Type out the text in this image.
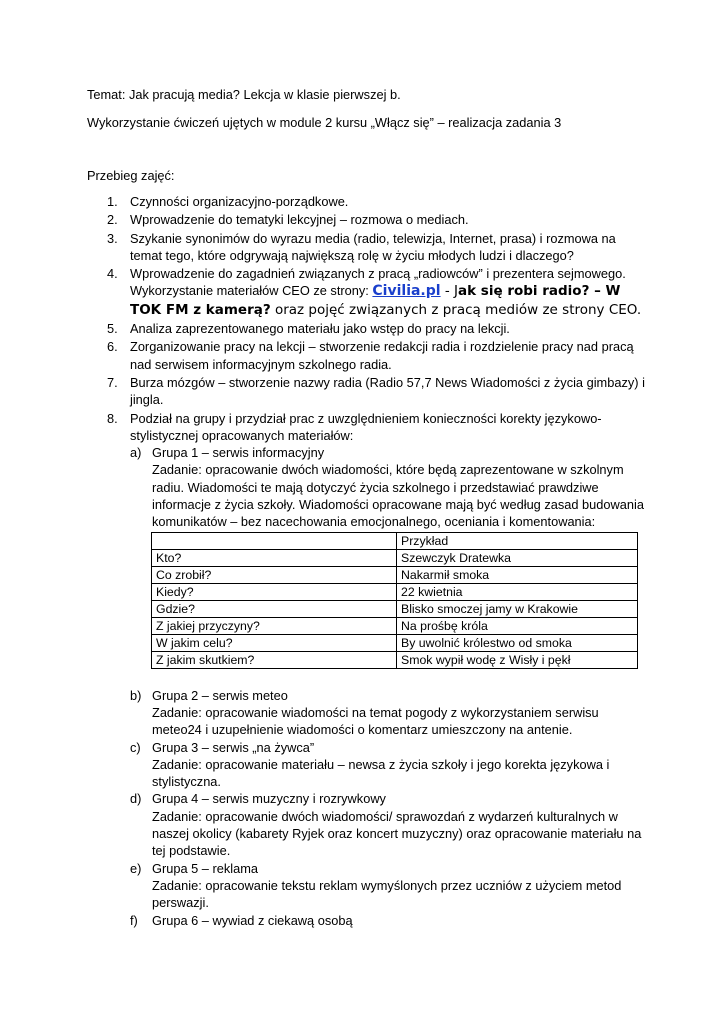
Temat: Jak pracują media? Lekcja w klasie pierwszej b.
Wykorzystanie ćwiczeń ujętych w module 2 kursu „Włącz się” – realizacja zadania 3
Przebieg zajęć:
1. Czynności organizacyjno-porządkowe.
2. Wprowadzenie do tematyki lekcyjnej – rozmowa o mediach.
3. Szykanie synonimów do wyrazu media (radio, telewizja, Internet, prasa) i rozmowa na temat tego, które odgrywają największą rolę w życiu młodych ludzi i dlaczego?
4. Wprowadzenie do zagadnień związanych z pracą „radiowców” i prezentera sejmowego.
Wykorzystanie materiałów CEO ze strony: Civilia.pl - Jak się robi radio? – W TOK FM z kamerą? oraz pojęć związanych z pracą mediów ze strony CEO.
5. Analiza zaprezentowanego materiału jako wstęp do pracy na lekcji.
6. Zorganizowanie pracy na lekcji – stworzenie redakcji radia i rozdzielenie pracy nad pracą nad serwisem informacyjnym szkolnego radia.
7. Burza mózgów – stworzenie nazwy radia (Radio 57,7 News Wiadomości z życia gimbazy) i jingla.
8. Podział na grupy i przydział prac z uwzględnieniem konieczności korekty językowo-stylistycznej opracowanych materiałów:
a) Grupa 1 – serwis informacyjny
Zadanie: opracowanie dwóch wiadomości, które będą zaprezentowane w szkolnym radiu. Wiadomości te mają dotyczyć życia szkolnego i przedstawiać prawdziwe informacje z życia szkoły. Wiadomości opracowane mają być według zasad budowania komunikatów – bez nacechowania emocjonalnego, oceniania i komentowania:
	Przykład
Kto?	Szewczyk Dratewka
Co zrobił?	Nakarmił smoka
Kiedy?	22 kwietnia
Gdzie?	Blisko smoczej jamy w Krakowie
Z jakiej przyczyny?	Na prośbę króla
W jakim celu?	By uwolnić królestwo od smoka
Z jakim skutkiem?	Smok wypił wodę z Wisły i pękł
b) Grupa 2 – serwis meteo
Zadanie: opracowanie wiadomości na temat pogody z wykorzystaniem serwisu meteo24 i uzupełnienie wiadomości o komentarz umieszczony na antenie.
c) Grupa 3 – serwis „na żywca”
Zadanie: opracowanie materiału – newsa z życia szkoły i jego korekta językowa i stylistyczna.
d) Grupa 4 – serwis muzyczny i rozrywkowy
Zadanie: opracowanie dwóch wiadomości/ sprawozdań z wydarzeń kulturalnych w naszej okolicy (kabarety Ryjek oraz koncert muzyczny) oraz opracowanie materiału na tej podstawie.
e) Grupa 5 – reklama
Zadanie: opracowanie tekstu reklam wymyślonych przez uczniów z użyciem metod perswazji.
f) Grupa 6 – wywiad z ciekawą osobą
